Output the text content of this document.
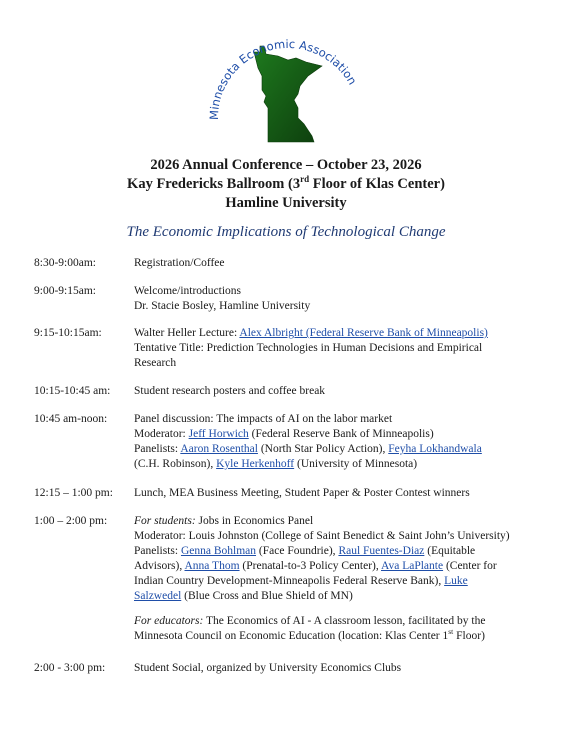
Minnesota Economic Association
2026 Annual Conference – October 23, 2026
Kay Fredericks Ballroom (3rd Floor of Klas Center)
Hamline University
The Economic Implications of Technological Change
8:30-9:00am:	Registration/Coffee
9:00-9:15am:	Welcome/introductions
Dr. Stacie Bosley, Hamline University
9:15-10:15am:	Walter Heller Lecture: Alex Albright (Federal Reserve Bank of Minneapolis)
Tentative Title: Prediction Technologies in Human Decisions and Empirical
Research
10:15-10:45 am:	Student research posters and coffee break
10:45 am-noon:	Panel discussion: The impacts of AI on the labor market
Moderator: Jeff Horwich (Federal Reserve Bank of Minneapolis)
Panelists: Aaron Rosenthal (North Star Policy Action), Feyha Lokhandwala
(C.H. Robinson), Kyle Herkenhoff (University of Minnesota)
12:15 – 1:00 pm:	Lunch, MEA Business Meeting, Student Paper & Poster Contest winners
1:00 – 2:00 pm:	For students: Jobs in Economics Panel
Moderator: Louis Johnston (College of Saint Benedict & Saint John’s University)
Panelists: Genna Bohlman (Face Foundrie), Raul Fuentes-Diaz (Equitable
Advisors), Anna Thom (Prenatal-to-3 Policy Center), Ava LaPlante (Center for
Indian Country Development-Minneapolis Federal Reserve Bank), Luke
Salzwedel (Blue Cross and Blue Shield of MN)
For educators: The Economics of AI - A classroom lesson, facilitated by the
Minnesota Council on Economic Education (location: Klas Center 1st Floor)
2:00 - 3:00 pm:	Student Social, organized by University Economics Clubs
